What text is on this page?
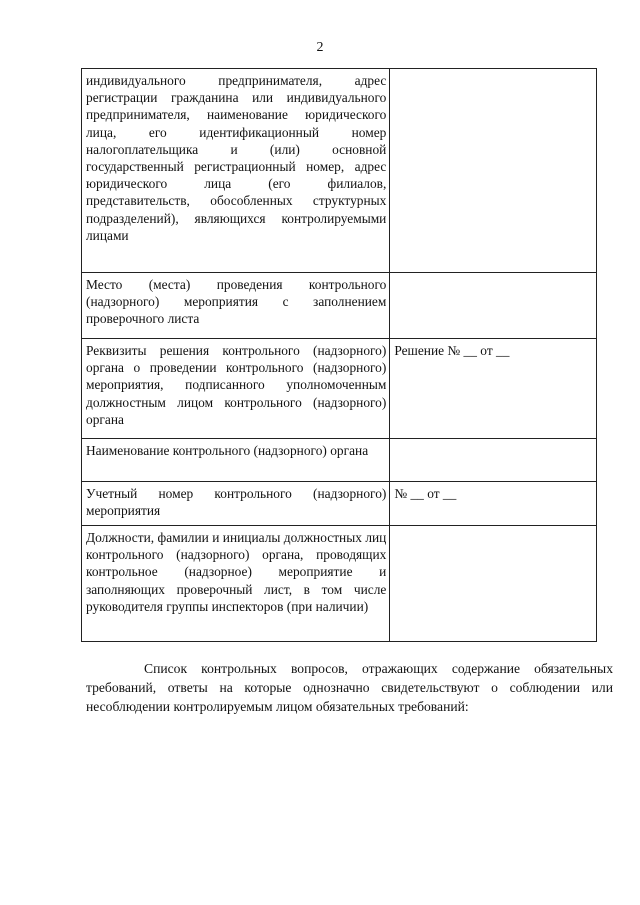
2
индивидуального предпринимателя, адрес регистрации гражданина или индивидуального предпринимателя, наименование юридического лица, его идентификационный номер налогоплательщика и (или) основной государственный регистрационный номер, адрес юридического лица (его филиалов, представительств, обособленных структурных подразделений), являющихся контролируемыми лицами	
Место (места) проведения контрольного (надзорного) мероприятия с заполнением проверочного листа	
Реквизиты решения контрольного (надзорного) органа о проведении контрольного (надзорного) мероприятия, подписанного уполномоченным должностным лицом контрольного (надзорного) органа	Решение № __ от __
Наименование контрольного (надзорного) органа	
Учетный номер контрольного (надзорного) мероприятия	№ __ от __
Должности, фамилии и инициалы должностных лиц контрольного (надзорного) органа, проводящих контрольное (надзорное) мероприятие и заполняющих проверочный лист, в том числе руководителя группы инспекторов (при наличии)	

Список контрольных вопросов, отражающих содержание обязательных требований, ответы на которые однозначно свидетельствуют о соблюдении или несоблюдении контролируемым лицом обязательных требований:
